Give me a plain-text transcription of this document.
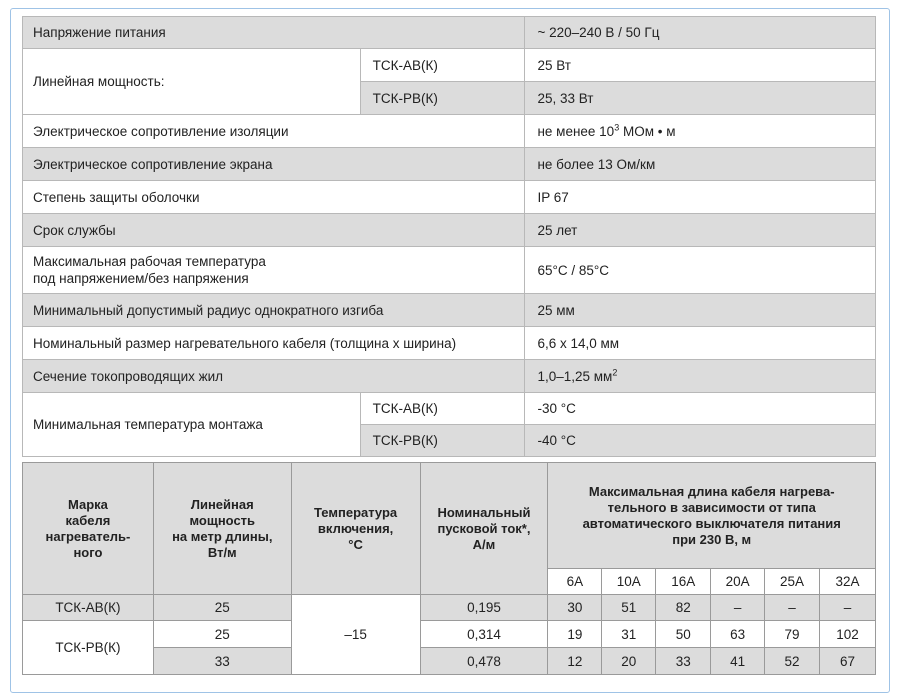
Напряжение питания		~ 220–240 В / 50 Гц
Линейная мощность:	ТСК-АВ(К)	25 Вт
	ТСК-РВ(К)	25, 33 Вт
Электрическое сопротивление изоляции		не менее $10^3$ МОм • м
Электрическое сопротивление экрана		не более 13 Ом/км
Степень защиты оболочки		IP 67
Срок службы		25 лет
Максимальная рабочая температура
под напряжением/без напряжения		65°С / 85°С
Минимальный допустимый радиус однократного изгиба		25 мм
Номинальный размер нагревательного кабеля (толщина х ширина)		6,6 х 14,0 мм
Сечение токопроводящих жил		1,0–1,25 $мм^2$
Минимальная температура монтажа	ТСК-АВ(К)	-30 °С
	ТСК-РВ(К)	-40 °С
Марка
кабеля
нагреватель-
ного	Линейная
мощность
на метр длины,
Вт/м	Температура
включения,
°С	Номинальный
пусковой ток*,
А/м	Максимальная длина кабеля нагрева-
тельного в зависимости от типа
автоматического выключателя питания
при 230 В, м					
				6А	10А	16А	20А	25А	32А
ТСК-АВ(К)	25	–15	0,195	30	51	82	–	–	–
ТСК-РВ(К)	25		0,314	19	31	50	63	79	102
	33		0,478	12	20	33	41	52	67
